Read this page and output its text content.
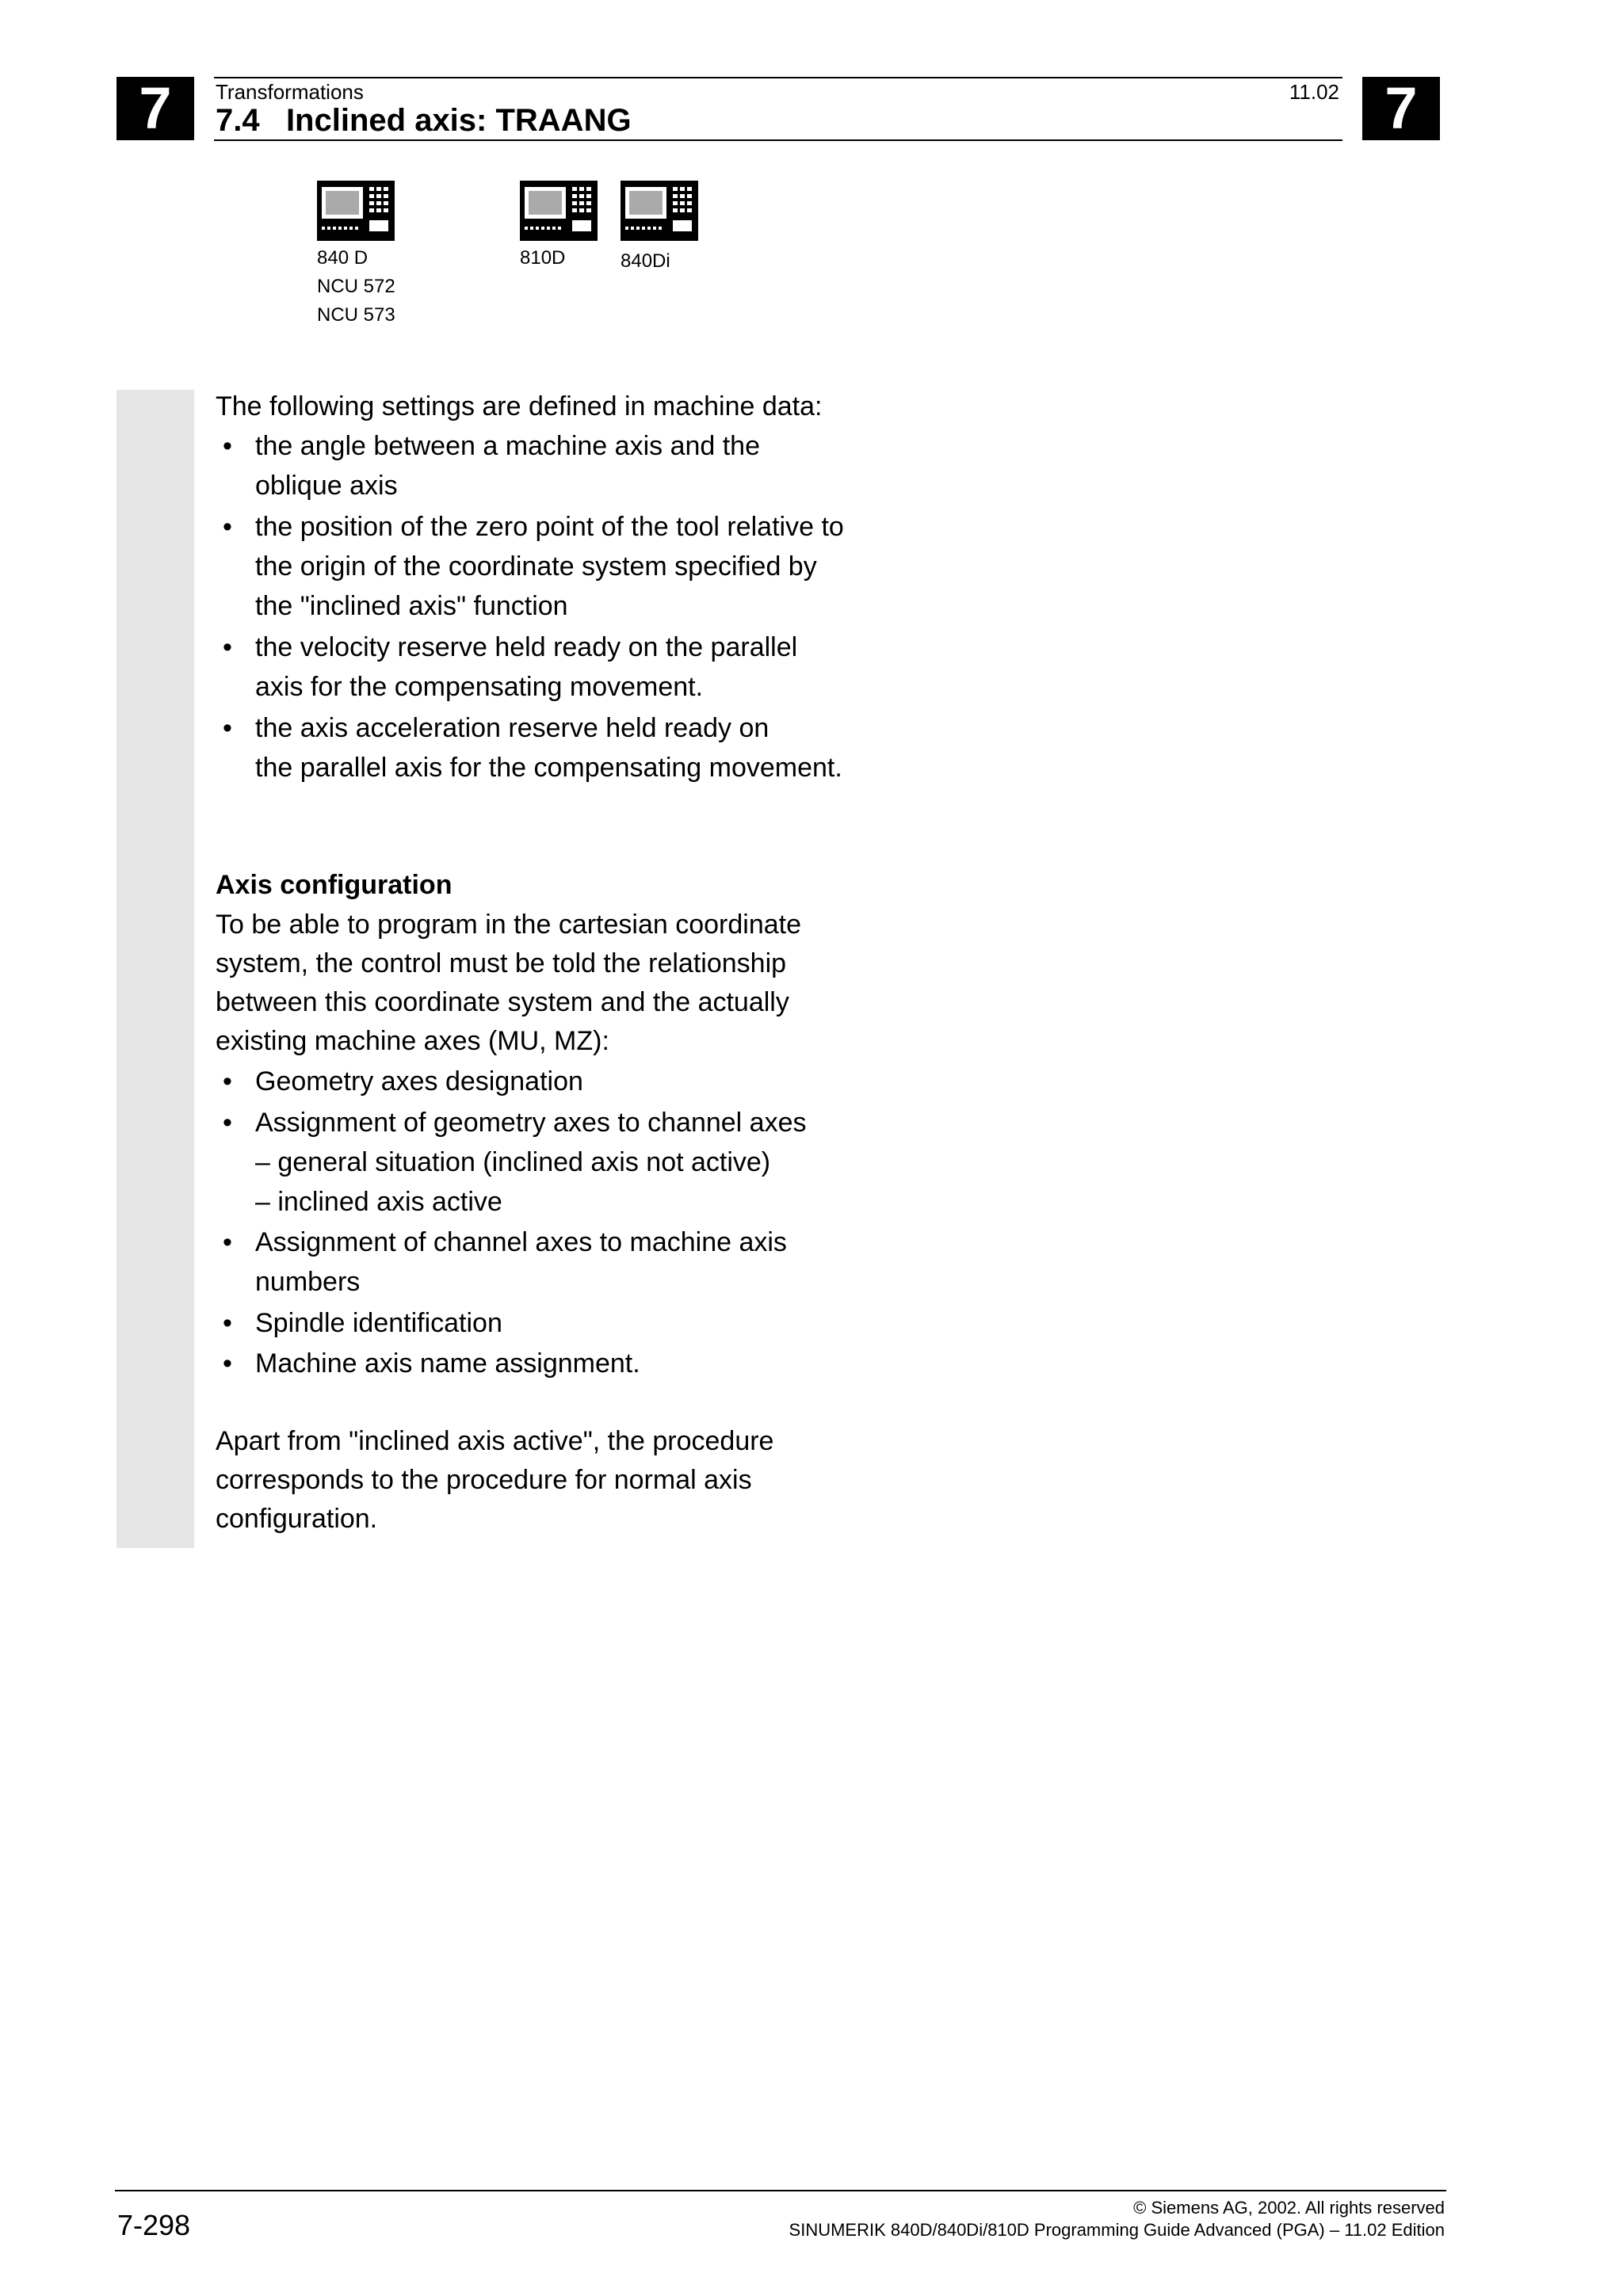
7	7
Transformations	11.02
7.4   Inclined axis: TRAANG
840 D
NCU 572
NCU 573
810D	840Di

The following settings are defined in machine data:

• the angle between a machine axis and the
oblique axis
• the position of the zero point of the tool relative to
the origin of the coordinate system specified by
the "inclined axis" function
• the velocity reserve held ready on the parallel
axis for the compensating movement.
• the axis acceleration reserve held ready on
the parallel axis for the compensating movement.

Axis configuration

To be able to program in the cartesian coordinate

system, the control must be told the relationship

between this coordinate system and the actually

existing machine axes (MU, MZ):

• Geometry axes designation
• Assignment of geometry axes to channel axes
– general situation (inclined axis not active)
– inclined axis active
• Assignment of channel axes to machine axis
numbers
• Spindle identification
• Machine axis name assignment.

Apart from "inclined axis active", the procedure

corresponds to the procedure for normal axis

configuration.

7-298
© Siemens AG, 2002. All rights reserved
SINUMERIK 840D/840Di/810D Programming Guide Advanced (PGA) – 11.02 Edition
